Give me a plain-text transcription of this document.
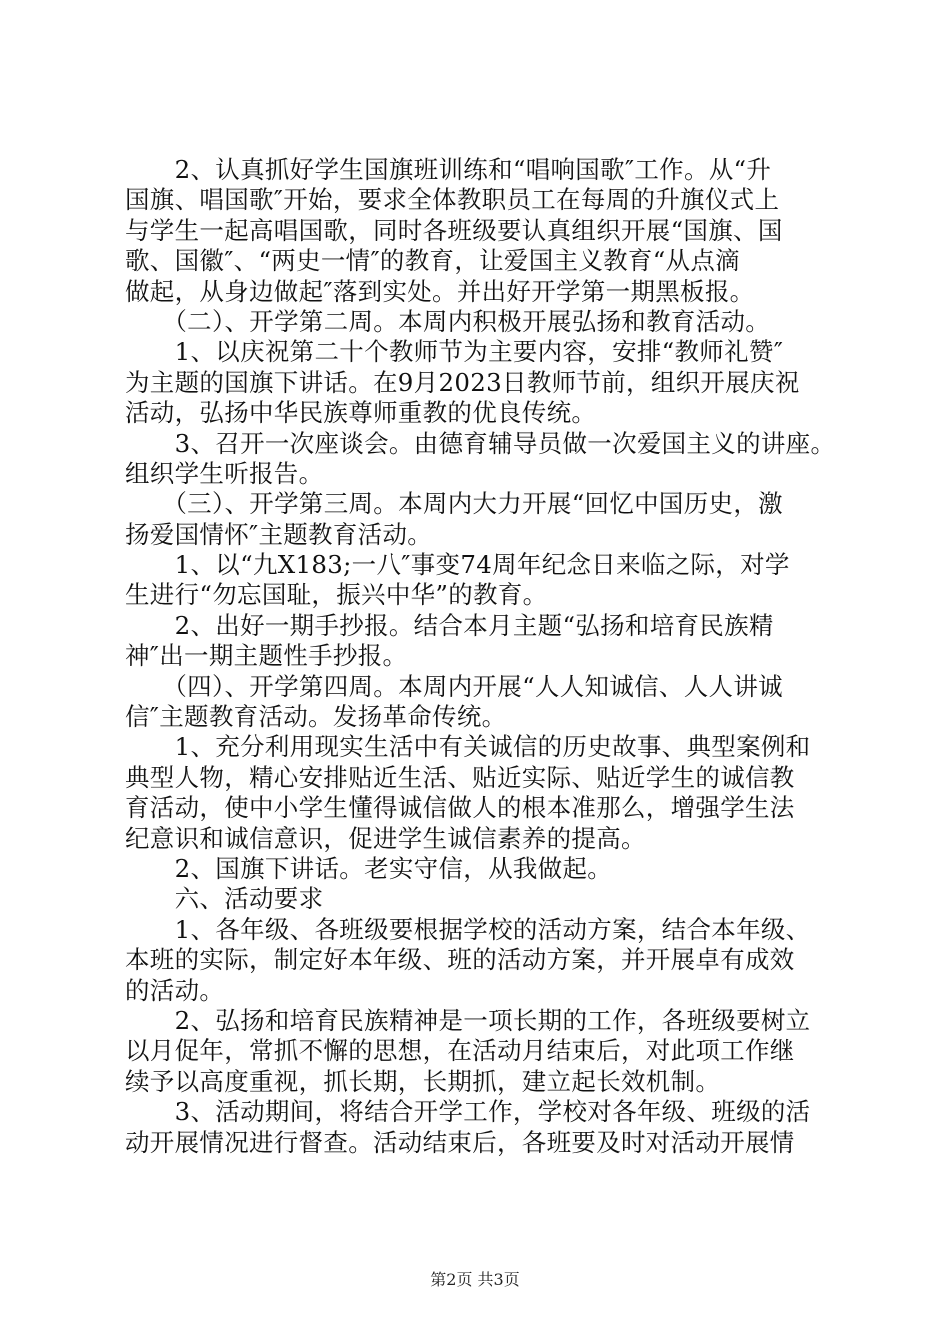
　　2、认真抓好学生国旗班训练和“唱响国歌″工作。从“升
国旗、唱国歌″开始，要求全体教职员工在每周的升旗仪式上
与学生一起高唱国歌，同时各班级要认真组织开展“国旗、国
歌、国徽″、“两史一情″的教育，让爱国主义教育“从点滴
做起，从身边做起″落到实处。并出好开学第一期黑板报。
　　（二）、开学第二周。本周内积极开展弘扬和教育活动。
　　1、以庆祝第二十个教师节为主要内容，安排“教师礼赞″
为主题的国旗下讲话。在9月2023日教师节前，组织开展庆祝
活动，弘扬中华民族尊师重教的优良传统。
　　3、召开一次座谈会。由德育辅导员做一次爱国主义的讲座。
组织学生听报告。
　　（三）、开学第三周。本周内大力开展“回忆中国历史，激
扬爱国情怀″主题教育活动。
　　1、以“九X183;一八″事变74周年纪念日来临之际，对学
生进行“勿忘国耻，振兴中华”的教育。
　　2、出好一期手抄报。结合本月主题“弘扬和培育民族精
神″出一期主题性手抄报。
　　（四）、开学第四周。本周内开展“人人知诚信、人人讲诚
信″主题教育活动。发扬革命传统。
　　1、充分利用现实生活中有关诚信的历史故事、典型案例和
典型人物，精心安排贴近生活、贴近实际、贴近学生的诚信教
育活动，使中小学生懂得诚信做人的根本准那么，增强学生法
纪意识和诚信意识，促进学生诚信素养的提高。
　　2、国旗下讲话。老实守信，从我做起。
　　六、活动要求
　　1、各年级、各班级要根据学校的活动方案，结合本年级、
本班的实际，制定好本年级、班的活动方案，并开展卓有成效
的活动。
　　2、弘扬和培育民族精神是一项长期的工作，各班级要树立
以月促年，常抓不懈的思想，在活动月结束后，对此项工作继
续予以高度重视，抓长期，长期抓，建立起长效机制。
　　3、活动期间，将结合开学工作，学校对各年级、班级的活
动开展情况进行督查。活动结束后，各班要及时对活动开展情
第2页 共3页
